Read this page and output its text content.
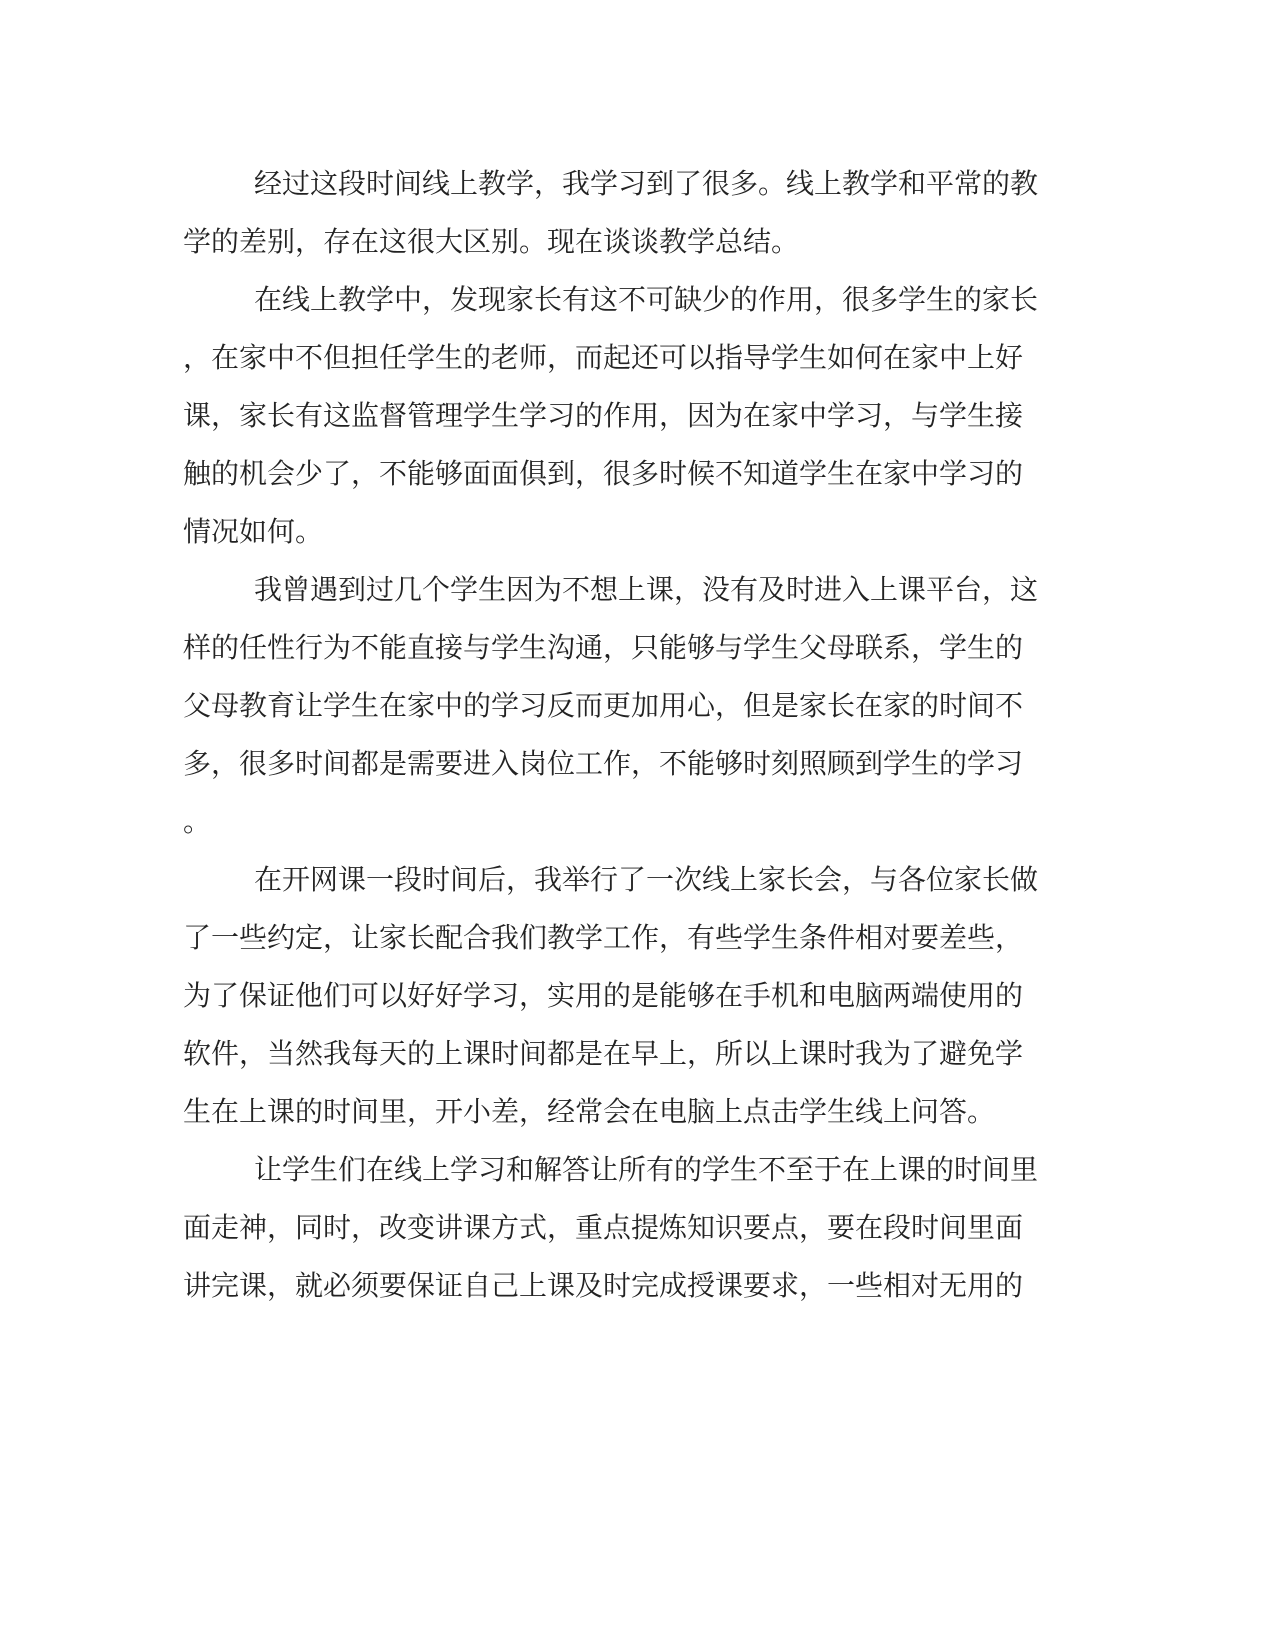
经过这段时间线上教学，我学习到了很多。线上教学和平常的教
学的差别，存在这很大区别。现在谈谈教学总结。
在线上教学中，发现家长有这不可缺少的作用，很多学生的家长
，在家中不但担任学生的老师，而起还可以指导学生如何在家中上好
课，家长有这监督管理学生学习的作用，因为在家中学习，与学生接
触的机会少了，不能够面面俱到，很多时候不知道学生在家中学习的
情况如何。
我曾遇到过几个学生因为不想上课，没有及时进入上课平台，这
样的任性行为不能直接与学生沟通，只能够与学生父母联系，学生的
父母教育让学生在家中的学习反而更加用心，但是家长在家的时间不
多，很多时间都是需要进入岗位工作，不能够时刻照顾到学生的学习
。
在开网课一段时间后，我举行了一次线上家长会，与各位家长做
了一些约定，让家长配合我们教学工作，有些学生条件相对要差些，
为了保证他们可以好好学习，实用的是能够在手机和电脑两端使用的
软件，当然我每天的上课时间都是在早上，所以上课时我为了避免学
生在上课的时间里，开小差，经常会在电脑上点击学生线上问答。
让学生们在线上学习和解答让所有的学生不至于在上课的时间里
面走神，同时，改变讲课方式，重点提炼知识要点，要在段时间里面
讲完课，就必须要保证自己上课及时完成授课要求，一些相对无用的
